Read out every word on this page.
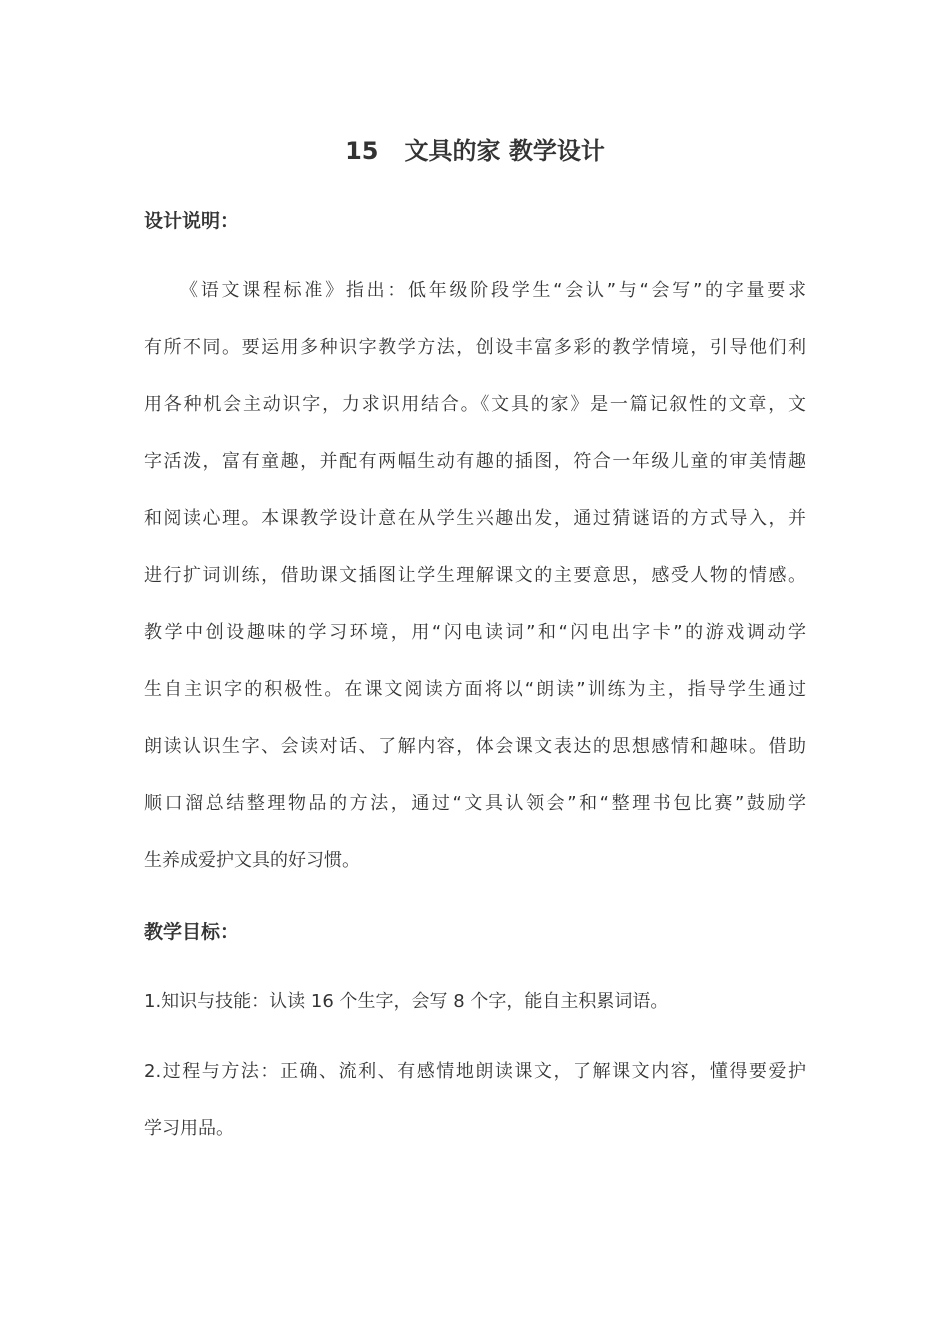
15 文具的家 教学设计
设计说明：
《语文课程标准》指出：低年级阶段学生“会认”与“会写”的字量要求
有所不同。要运用多种识字教学方法，创设丰富多彩的教学情境，引导他们利
用各种机会主动识字，力求识用结合。《文具的家》是一篇记叙性的文章，文
字活泼，富有童趣，并配有两幅生动有趣的插图，符合一年级儿童的审美情趣
和阅读心理。本课教学设计意在从学生兴趣出发，通过猜谜语的方式导入，并
进行扩词训练，借助课文插图让学生理解课文的主要意思，感受人物的情感。
教学中创设趣味的学习环境，用“闪电读词”和“闪电出字卡”的游戏调动学
生自主识字的积极性。在课文阅读方面将以“朗读”训练为主，指导学生通过
朗读认识生字、会读对话、了解内容，体会课文表达的思想感情和趣味。借助
顺口溜总结整理物品的方法，通过“文具认领会”和“整理书包比赛”鼓励学
生养成爱护文具的好习惯。
教学目标：
1.知识与技能：认读 16 个生字，会写 8 个字，能自主积累词语。
2.过程与方法：正确、流利、有感情地朗读课文，了解课文内容，懂得要爱护
学习用品。
